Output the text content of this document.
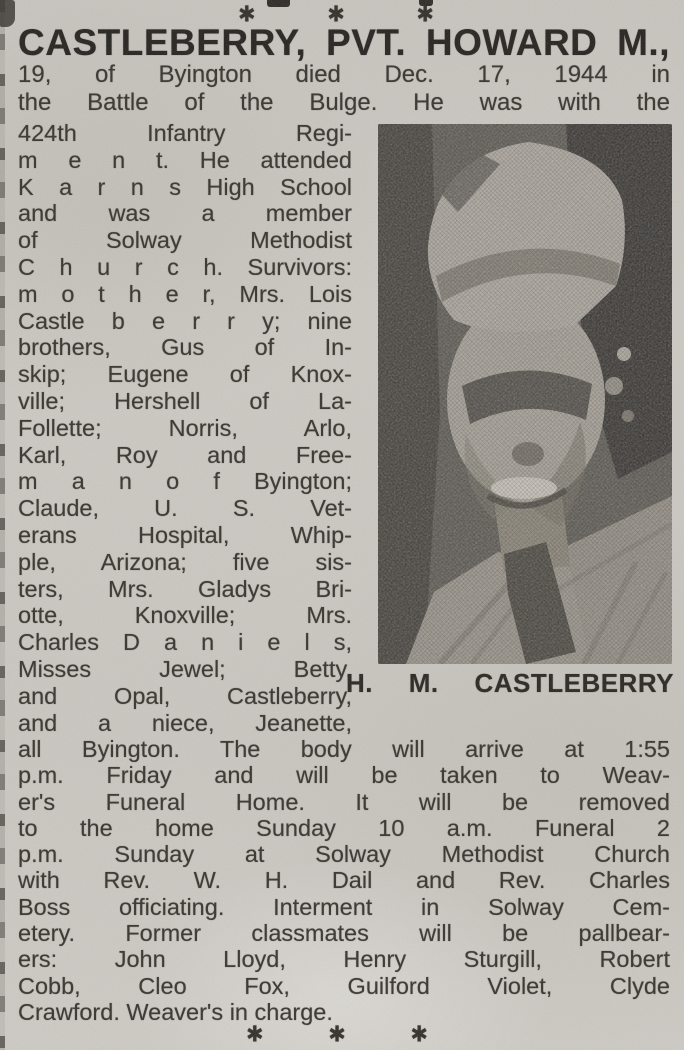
✱	✱	✱
CASTLEBERRY, PVT. HOWARD M.,
19, of Byington died Dec. 17, 1944 in
the Battle of the Bulge. He was with the
424th Infantry Regi-
m e n t. He attended
K a r n s High School
and was a member
of Solway Methodist
C h u r c h. Survivors:
m o t h e r, Mrs. Lois
Castle b e r r y; nine
brothers, Gus of In-
skip; Eugene of Knox-
ville; Hershell of La-
Follette; Norris, Arlo,
Karl, Roy and Free-
m a n o f Byington;
Claude, U. S. Vet-
erans Hospital, Whip-
ple, Arizona; five sis-
ters, Mrs. Gladys Bri-
otte, Knoxville; Mrs.
Charles D a n i e l s,
Misses Jewel; Betty,
and Opal, Castleberry,
and a niece, Jeanette,
H. M. CASTLEBERRY
all Byington. The body will arrive at 1:55
p.m. Friday and will be taken to Weav-
er's Funeral Home. It will be removed
to the home Sunday 10 a.m. Funeral 2
p.m. Sunday at Solway Methodist Church
with Rev. W. H. Dail and Rev. Charles
Boss officiating. Interment in Solway Cem-
etery. Former classmates will be pallbear-
ers: John Lloyd, Henry Sturgill, Robert
Cobb, Cleo Fox, Guilford Violet, Clyde
Crawford. Weaver's in charge.
✱	✱	✱
